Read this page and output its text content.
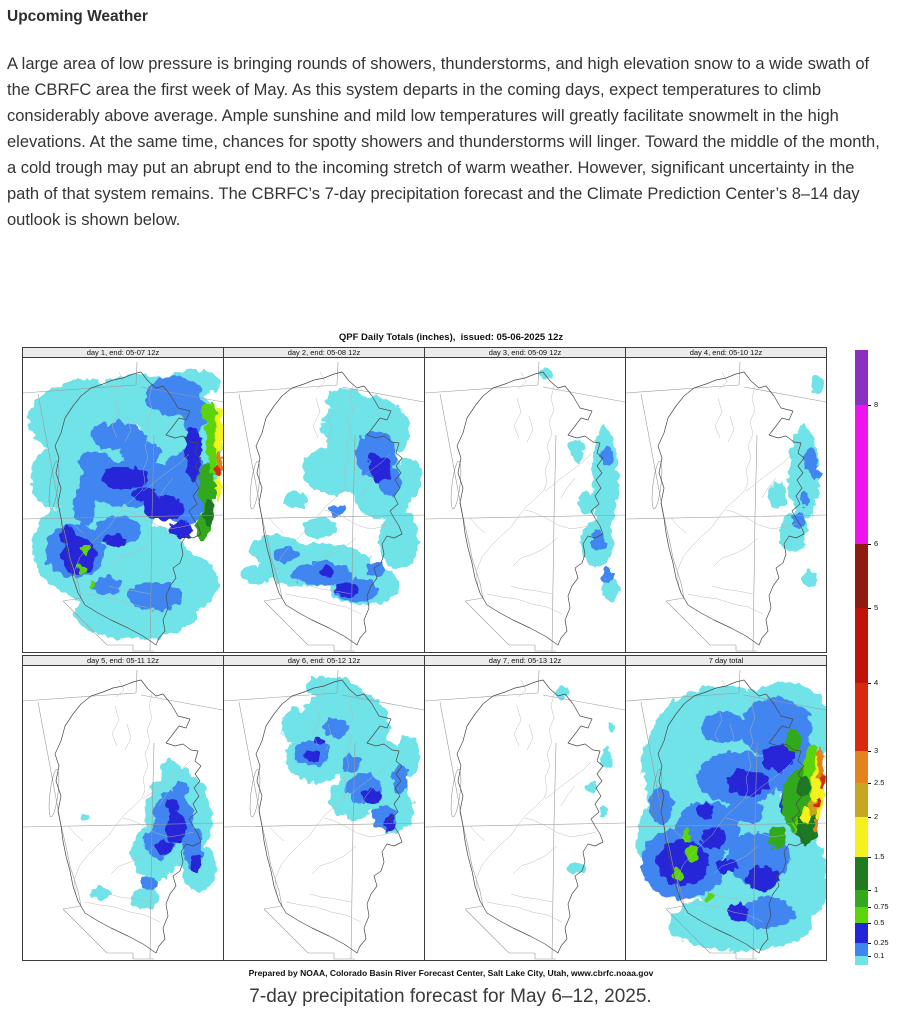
Upcoming Weather
A large area of low pressure is bringing rounds of showers, thunderstorms, and high elevation snow to a wide swath of the CBRFC area the first week of May. As this system departs in the coming days, expect temperatures to climb considerably above average. Ample sunshine and mild low temperatures will greatly facilitate snowmelt in the high elevations. At the same time, chances for spotty showers and thunderstorms will linger. Toward the middle of the month, a cold trough may put an abrupt end to the incoming stretch of warm weather. However, significant uncertainty in the path of that system remains. The CBRFC’s 7-day precipitation forecast and the Climate Prediction Center’s 8–14 day outlook is shown below.
QPF Daily Totals (inches),  issued: 05-06-2025 12z
day 1, end: 05-07 12z	day 2, end: 05-08 12z	day 3, end: 05-09 12z	day 4, end: 05-10 12z
day 5, end: 05-11 12z	day 6, end: 05-12 12z	day 7, end: 05-13 12z	7 day total
8
6
5
4
3
2.5
2
1.5
1
0.75
0.5
0.25
0.1
Prepared by NOAA, Colorado Basin River Forecast Center, Salt Lake City, Utah, www.cbrfc.noaa.gov
7-day precipitation forecast for May 6–12, 2025.
